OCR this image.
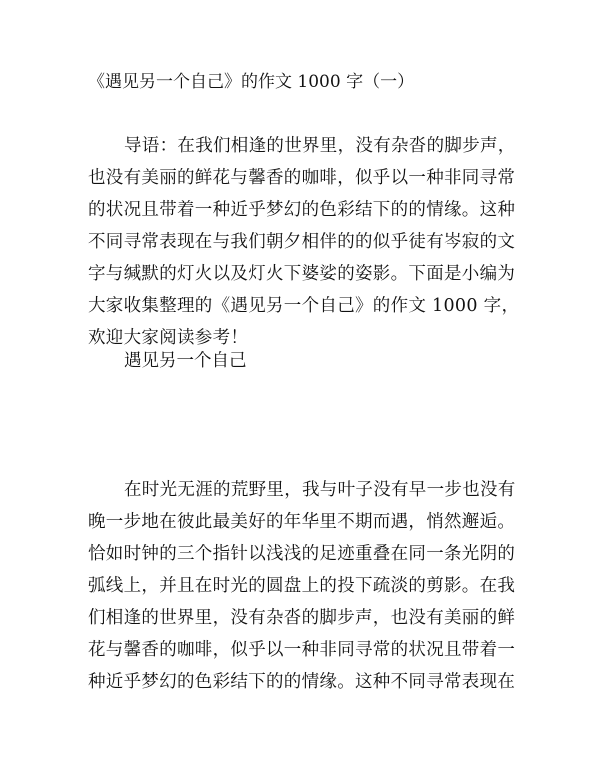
《遇见另一个自己》的作文 1000 字（一）

导语：在我们相逢的世界里，没有杂沓的脚步声，
也没有美丽的鲜花与馨香的咖啡，似乎以一种非同寻常
的状况且带着一种近乎梦幻的色彩结下的的情缘。这种
不同寻常表现在与我们朝夕相伴的的似乎徒有岑寂的文
字与缄默的灯火以及灯火下婆娑的姿影。下面是小编为
大家收集整理的《遇见另一个自己》的作文 1000 字，
欢迎大家阅读参考！

遇见另一个自己

在时光无涯的荒野里，我与叶子没有早一步也没有
晚一步地在彼此最美好的年华里不期而遇，悄然邂逅。
恰如时钟的三个指针以浅浅的足迹重叠在同一条光阴的
弧线上，并且在时光的圆盘上的投下疏淡的剪影。在我
们相逢的世界里，没有杂沓的脚步声，也没有美丽的鲜
花与馨香的咖啡，似乎以一种非同寻常的状况且带着一
种近乎梦幻的色彩结下的的情缘。这种不同寻常表现在
